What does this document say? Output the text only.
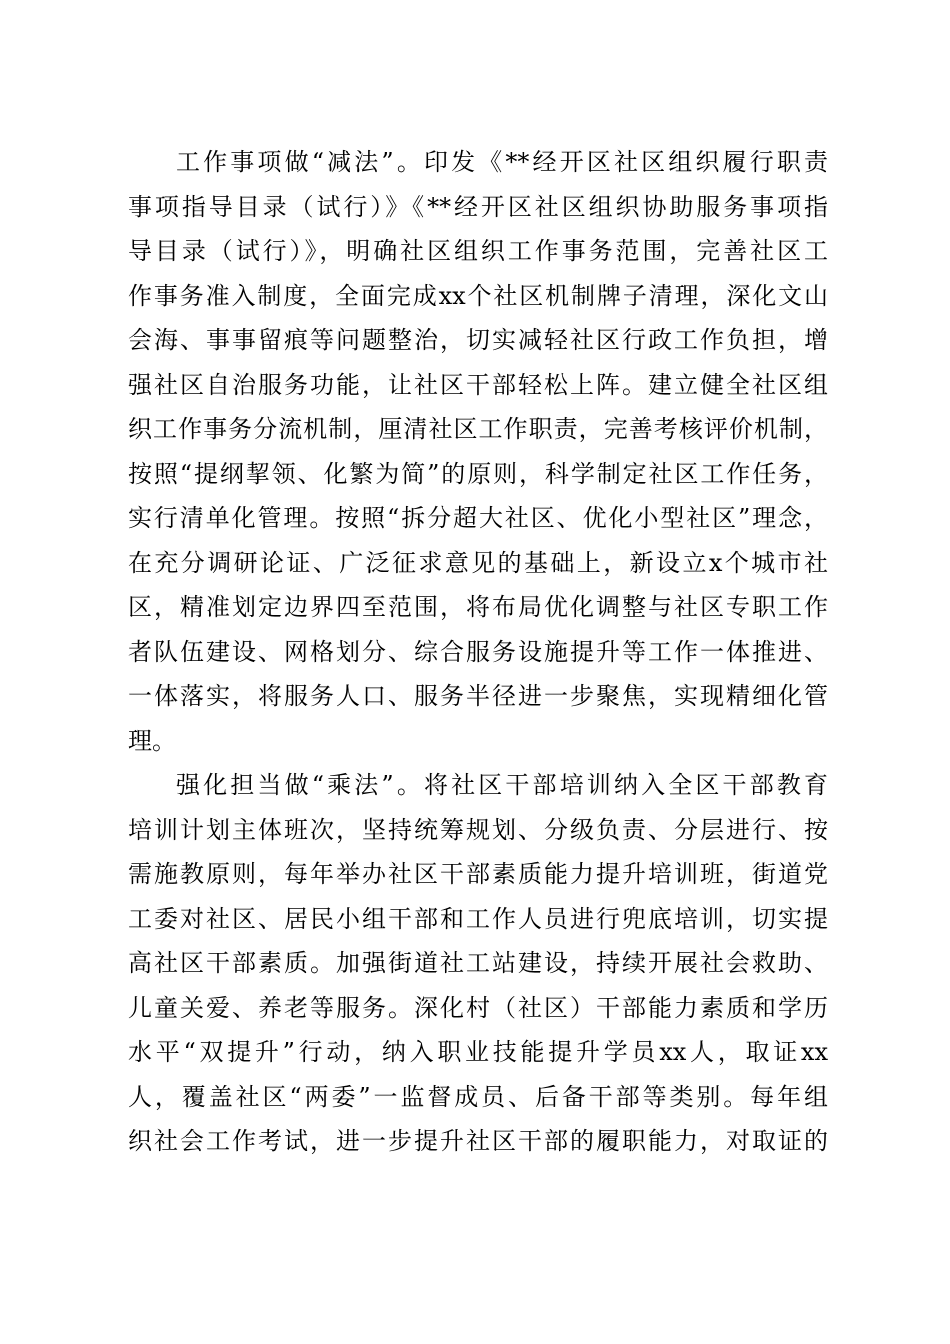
工作事项做“减法”。印发《**经开区社区组织履行职责
事项指导目录（试行）》《**经开区社区组织协助服务事项指
导目录（试行）》，明确社区组织工作事务范围，完善社区工
作事务准入制度，全面完成xx个社区机制牌子清理，深化文山
会海、事事留痕等问题整治，切实减轻社区行政工作负担，增
强社区自治服务功能，让社区干部轻松上阵。建立健全社区组
织工作事务分流机制，厘清社区工作职责，完善考核评价机制，
按照“提纲挈领、化繁为简”的原则，科学制定社区工作任务，
实行清单化管理。按照“拆分超大社区、优化小型社区”理念，
在充分调研论证、广泛征求意见的基础上，新设立x个城市社
区，精准划定边界四至范围，将布局优化调整与社区专职工作
者队伍建设、网格划分、综合服务设施提升等工作一体推进、
一体落实，将服务人口、服务半径进一步聚焦，实现精细化管
理。
强化担当做“乘法”。将社区干部培训纳入全区干部教育
培训计划主体班次，坚持统筹规划、分级负责、分层进行、按
需施教原则，每年举办社区干部素质能力提升培训班，街道党
工委对社区、居民小组干部和工作人员进行兜底培训，切实提
高社区干部素质。加强街道社工站建设，持续开展社会救助、
儿童关爱、养老等服务。深化村（社区）干部能力素质和学历
水平“双提升”行动，纳入职业技能提升学员xx人，取证xx
人，覆盖社区“两委”一监督成员、后备干部等类别。每年组
织社会工作考试，进一步提升社区干部的履职能力，对取证的
